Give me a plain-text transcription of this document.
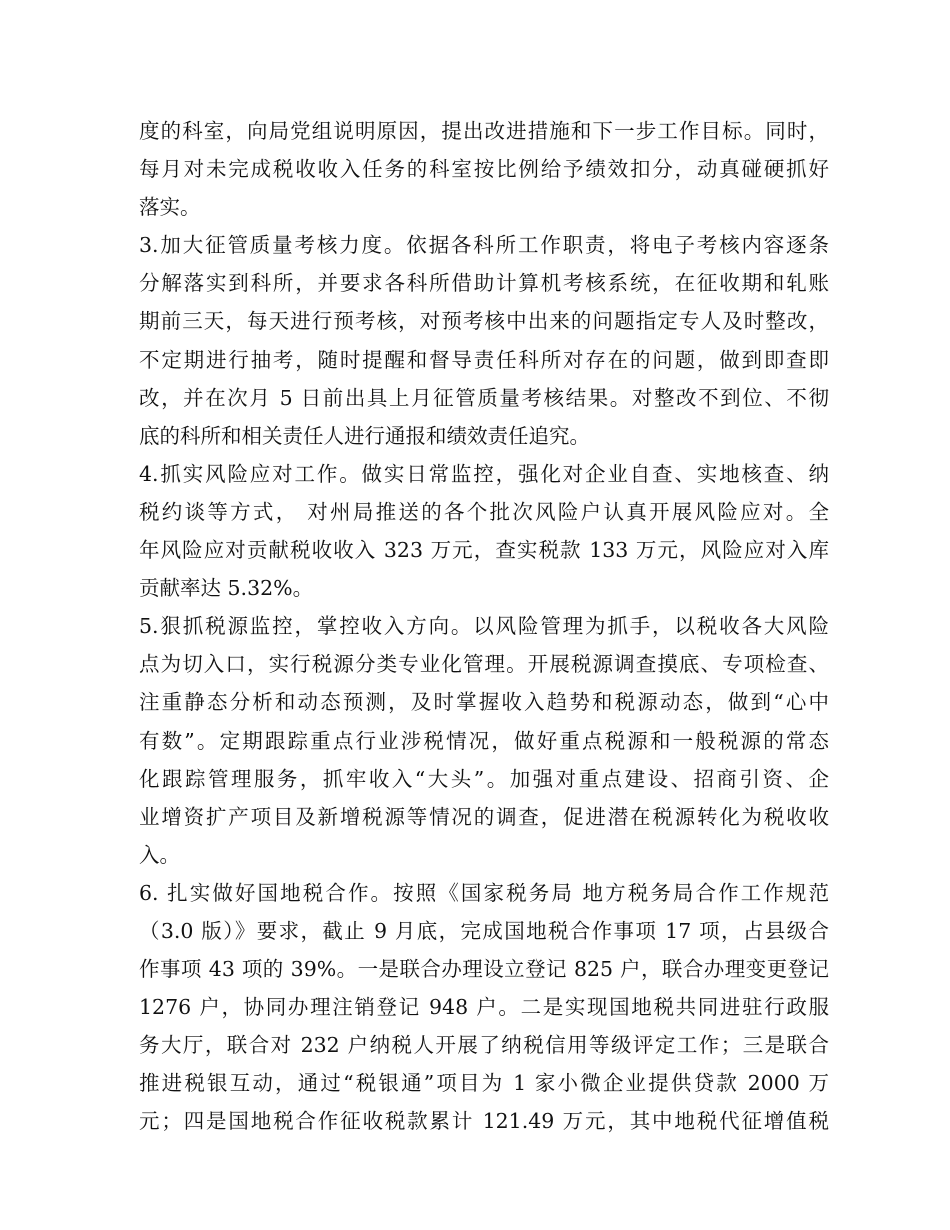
度的科室，向局党组说明原因，提出改进措施和下一步工作目标。同时，
每月对未完成税收收入任务的科室按比例给予绩效扣分，动真碰硬抓好
落实。
3.加大征管质量考核力度。依据各科所工作职责，将电子考核内容逐条
分解落实到科所，并要求各科所借助计算机考核系统，在征收期和轧账
期前三天，每天进行预考核，对预考核中出来的问题指定专人及时整改，
不定期进行抽考，随时提醒和督导责任科所对存在的问题，做到即查即
改，并在次月 5 日前出具上月征管质量考核结果。对整改不到位、不彻
底的科所和相关责任人进行通报和绩效责任追究。
4.抓实风险应对工作。做实日常监控，强化对企业自查、实地核查、纳
税约谈等方式， 对州局推送的各个批次风险户认真开展风险应对。全
年风险应对贡献税收收入 323 万元，查实税款 133 万元，风险应对入库
贡献率达 5.32%。
5.狠抓税源监控，掌控收入方向。以风险管理为抓手，以税收各大风险
点为切入口，实行税源分类专业化管理。开展税源调查摸底、专项检查、
注重静态分析和动态预测，及时掌握收入趋势和税源动态，做到“心中
有数”。定期跟踪重点行业涉税情况，做好重点税源和一般税源的常态
化跟踪管理服务，抓牢收入“大头”。加强对重点建设、招商引资、企
业增资扩产项目及新增税源等情况的调查，促进潜在税源转化为税收收
入。
6. 扎实做好国地税合作。按照《国家税务局 地方税务局合作工作规范
（3.0 版）》要求，截止 9 月底，完成国地税合作事项 17 项，占县级合
作事项 43 项的 39%。一是联合办理设立登记 825 户，联合办理变更登记
1276 户，协同办理注销登记 948 户。二是实现国地税共同进驻行政服
务大厅，联合对 232 户纳税人开展了纳税信用等级评定工作；三是联合
推进税银互动，通过“税银通”项目为 1 家小微企业提供贷款 2000 万
元；四是国地税合作征收税款累计 121.49 万元，其中地税代征增值税
